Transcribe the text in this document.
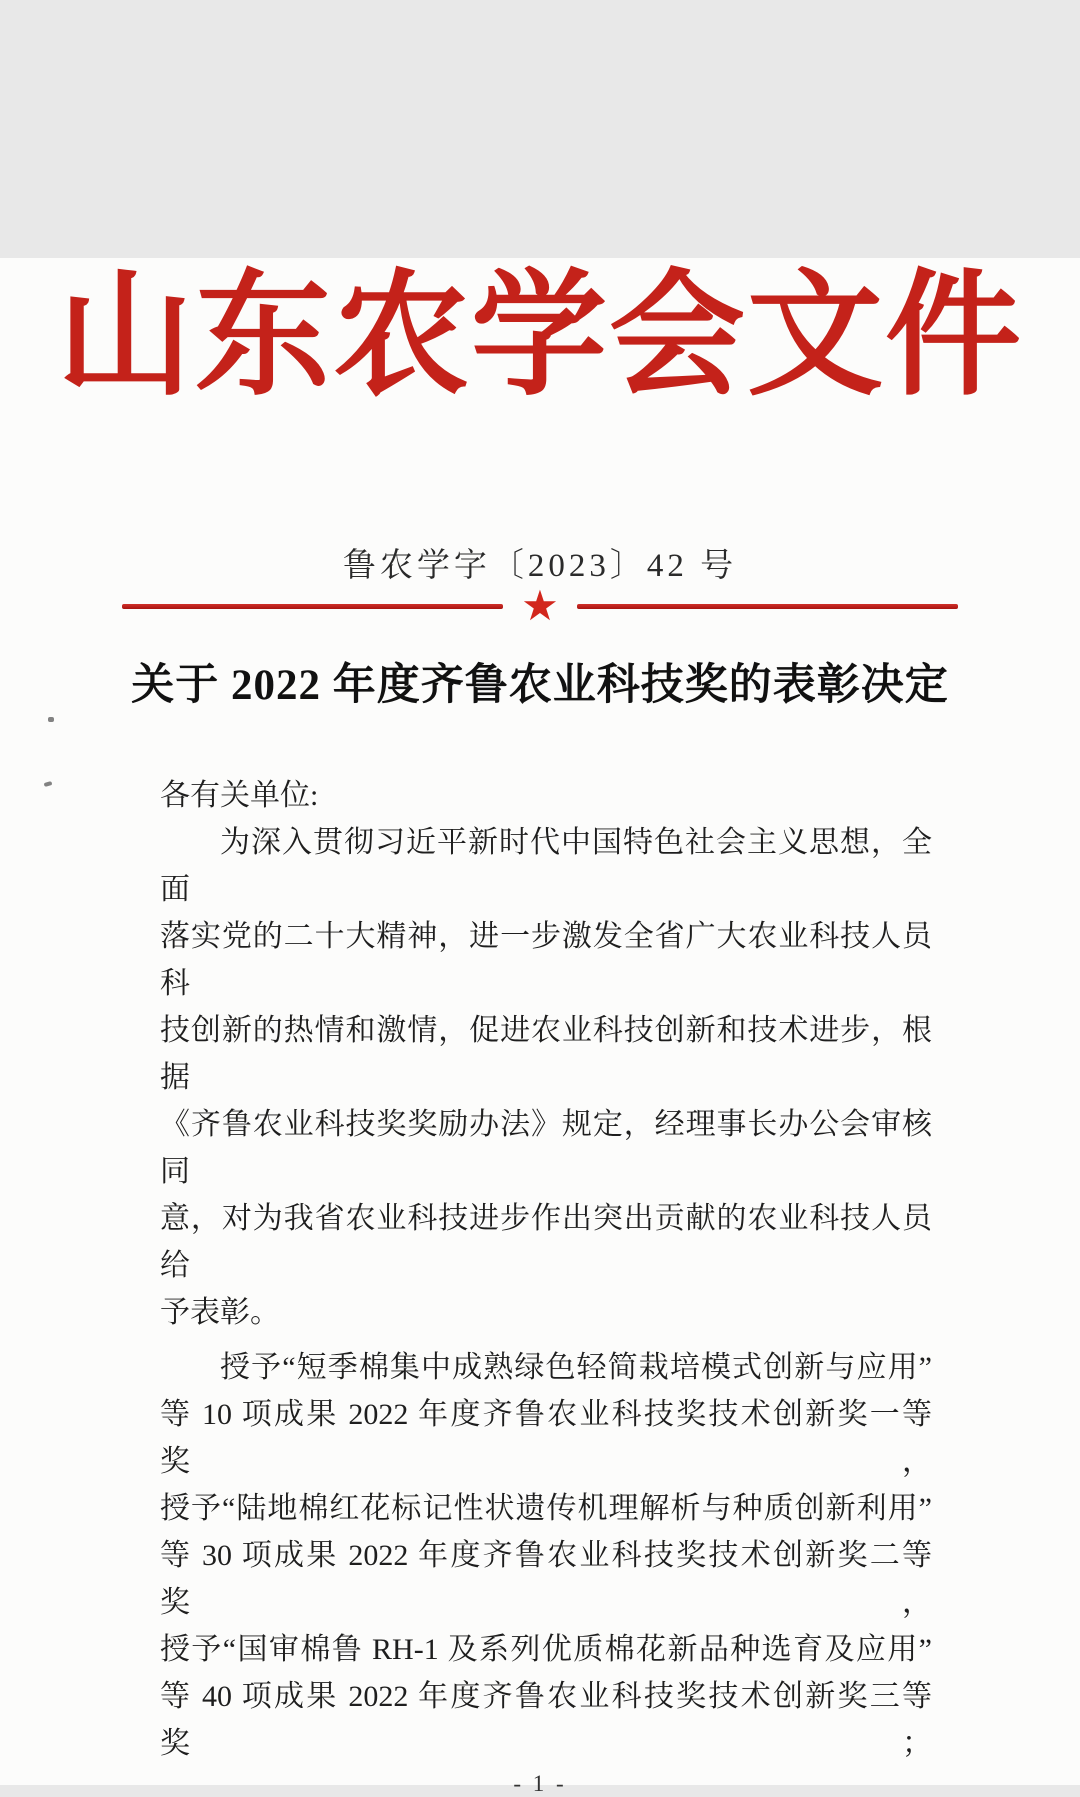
山东农学会文件
鲁农学字〔2023〕42 号
★
关于 2022 年度齐鲁农业科技奖的表彰决定

各有关单位:

为深入贯彻习近平新时代中国特色社会主义思想，全面

落实党的二十大精神，进一步激发全省广大农业科技人员科

技创新的热情和激情，促进农业科技创新和技术进步，根据

《齐鲁农业科技奖奖励办法》规定，经理事长办公会审核同

意，对为我省农业科技进步作出突出贡献的农业科技人员给

予表彰。

授予“短季棉集中成熟绿色轻简栽培模式创新与应用”

等 10 项成果 2022 年度齐鲁农业科技奖技术创新奖一等奖，

授予“陆地棉红花标记性状遗传机理解析与种质创新利用”

等 30 项成果 2022 年度齐鲁农业科技奖技术创新奖二等奖，

授予“国审棉鲁 RH-1 及系列优质棉花新品种选育及应用”

等 40 项成果 2022 年度齐鲁农业科技奖技术创新奖三等奖；

- 1 -
